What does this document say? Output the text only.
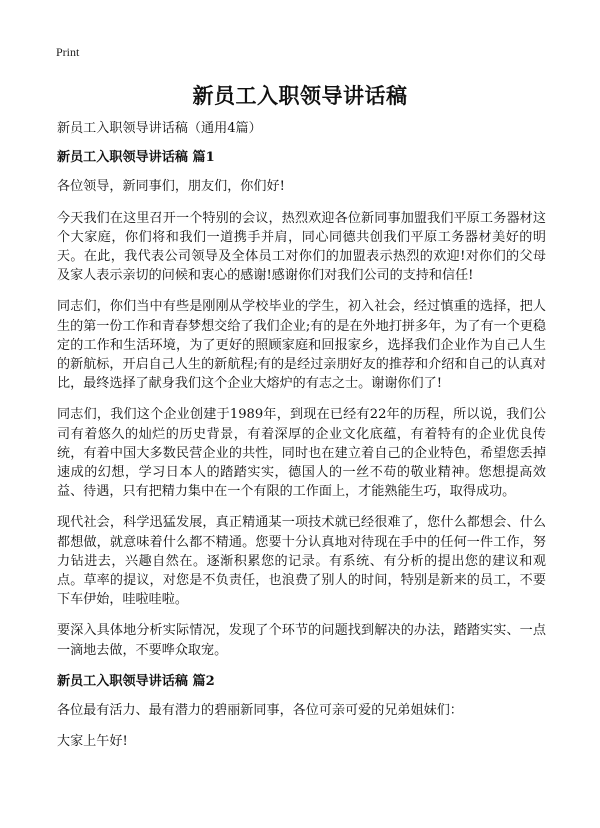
Print
新员工入职领导讲话稿
新员工入职领导讲话稿（通用4篇）
新员工入职领导讲话稿 篇1
各位领导，新同事们，朋友们，你们好!
今天我们在这里召开一个特别的会议，热烈欢迎各位新同事加盟我们平原工务器材这个大家庭，你们将和我们一道携手并肩，同心同德共创我们平原工务器材美好的明天。在此，我代表公司领导及全体员工对你们的加盟表示热烈的欢迎!对你们的父母及家人表示亲切的问候和衷心的感谢!感谢你们对我们公司的支持和信任!
同志们，你们当中有些是刚刚从学校毕业的学生，初入社会，经过慎重的选择，把人生的第一份工作和青春梦想交给了我们企业;有的是在外地打拼多年，为了有一个更稳定的工作和生活环境，为了更好的照顾家庭和回报家乡，选择我们企业作为自己人生的新航标，开启自己人生的新航程;有的是经过亲朋好友的推荐和介绍和自己的认真对比，最终选择了献身我们这个企业大熔炉的有志之士。谢谢你们了!
同志们，我们这个企业创建于1989年，到现在已经有22年的历程，所以说，我们公司有着悠久的灿烂的历史背景，有着深厚的企业文化底蕴，有着特有的企业优良传统，有着中国大多数民营企业的共性，同时也在建立着自己的企业特色，希望您丢掉速成的幻想，学习日本人的踏踏实实，德国人的一丝不苟的敬业精神。您想提高效益、待遇，只有把精力集中在一个有限的工作面上，才能熟能生巧，取得成功。
现代社会，科学迅猛发展，真正精通某一项技术就已经很难了，您什么都想会、什么都想做，就意味着什么都不精通。您要十分认真地对待现在手中的任何一件工作，努力钻进去，兴趣自然在。逐渐积累您的记录。有系统、有分析的提出您的建议和观点。草率的提议，对您是不负责任，也浪费了别人的时间，特别是新来的员工，不要下车伊始，哇啦哇啦。
要深入具体地分析实际情况，发现了个环节的问题找到解决的办法，踏踏实实、一点一滴地去做，不要哗众取宠。
新员工入职领导讲话稿 篇2
各位最有活力、最有潜力的碧丽新同事，各位可亲可爱的兄弟姐妹们：
大家上午好!
